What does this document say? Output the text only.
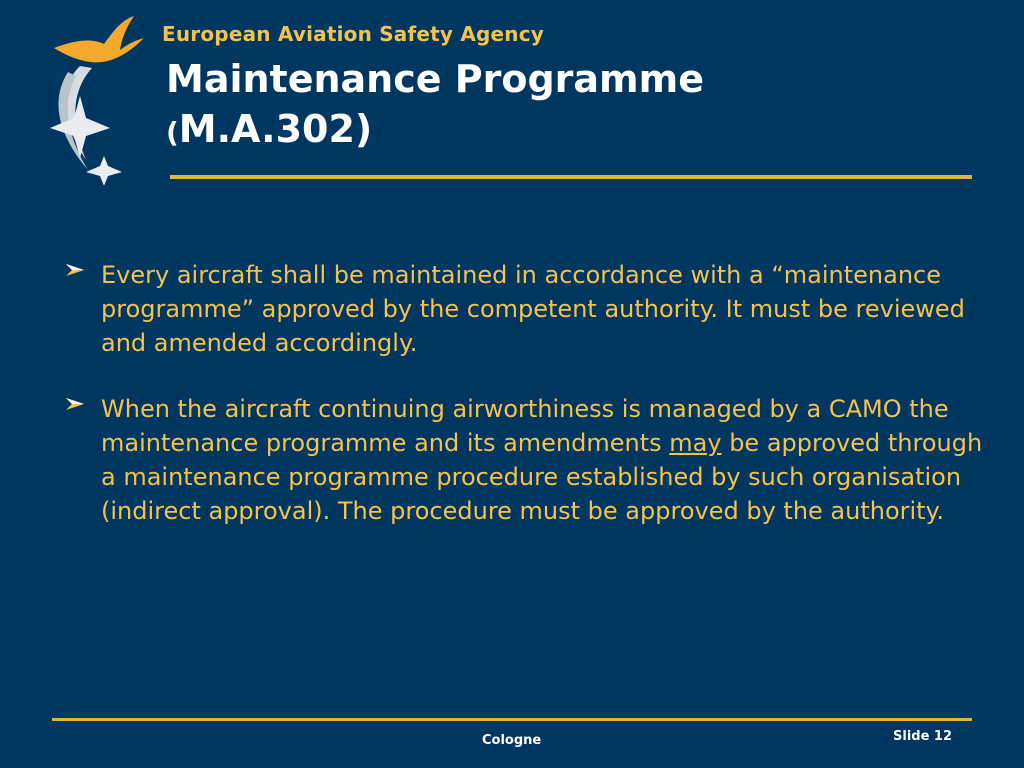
European Aviation Safety Agency
Maintenance Programme
(M.A.302)
Every aircraft shall be maintained in accordance with a “maintenance programme” approved by the competent authority. It must be reviewed and amended accordingly.
When the aircraft continuing airworthiness is managed by a CAMO the maintenance programme and its amendments may be approved through a maintenance programme procedure established by such organisation (indirect approval). The procedure must be approved by the authority.
Cologne	Slide 12
